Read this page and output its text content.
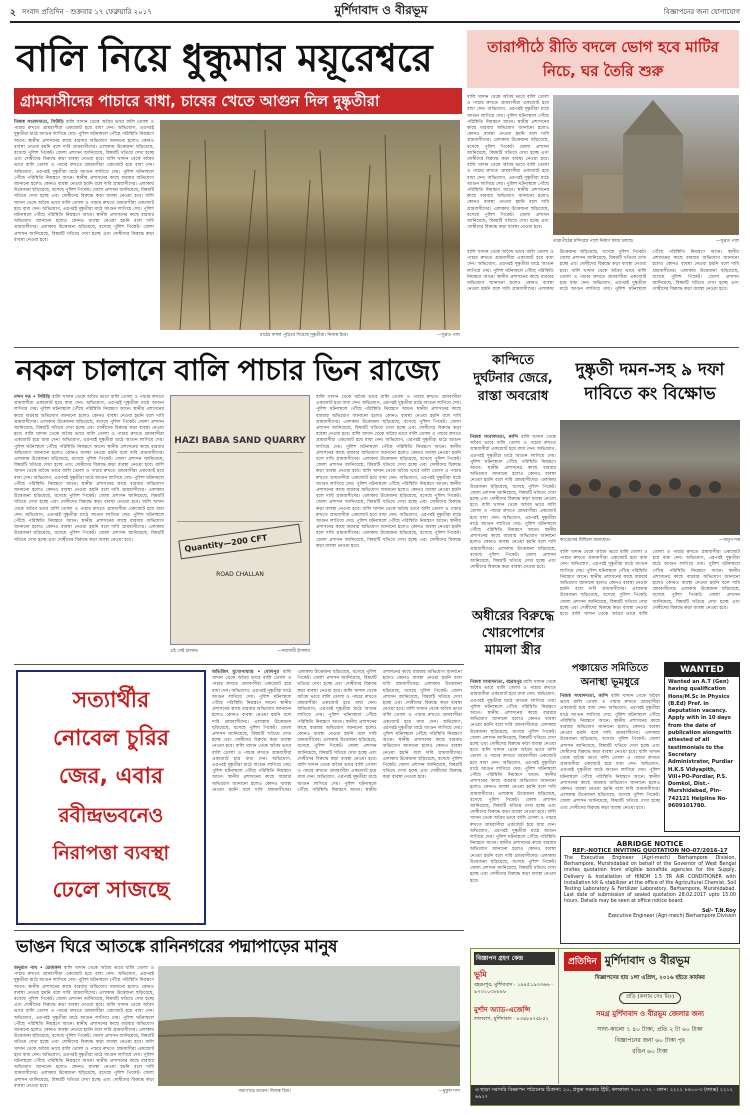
২ সংবাদ প্রতিদিন · শুক্রবার ১৭ ফেব্রুয়ারি ২০১৭	মুর্শিদাবাদ ও বীরভূম	বিজ্ঞাপনের জন্য যোগাযোগ
বালি নিয়ে ধুন্ধুমার ময়ূরেশ্বরে
গ্রামবাসীদের পাচারে বাধা, চাষের খেতে আগুন দিল দুষ্কৃতীরা
নিজস্ব সংবাদদাতা, সিউড়ি বালি খাদান থেকে অবৈধ ভাবে বালি তোলা ও পাচার রুখতে গ্রামবাসীরা একজোট হয়ে বাধা দেন। অভিযোগ, এরপরই দুষ্কৃতীরা মাঠে আগুন লাগিয়ে দেয়। পুলিশ ঘটনাস্থলে পৌঁছে পরিস্থিতি নিয়ন্ত্রণে আনে। স্থানীয় প্রশাসনের কাছে বারবার অভিযোগ জানানো হলেও কোনও ব্যবস্থা নেওয়া হয়নি বলে দাবি গ্রামবাসীদের। এলাকায় উত্তেজনা ছড়িয়েছে, বসেছে পুলিশ পিকেট। জেলা প্রশাসন জানিয়েছে, বিষয়টি খতিয়ে দেখা হচ্ছে এবং দোষীদের বিরুদ্ধে কড়া ব্যবস্থা নেওয়া হবে। বালি খাদান থেকে অবৈধ ভাবে বালি তোলা ও পাচার রুখতে গ্রামবাসীরা একজোট হয়ে বাধা দেন। অভিযোগ, এরপরই দুষ্কৃতীরা মাঠে আগুন লাগিয়ে দেয়। পুলিশ ঘটনাস্থলে পৌঁছে পরিস্থিতি নিয়ন্ত্রণে আনে। স্থানীয় প্রশাসনের কাছে বারবার অভিযোগ জানানো হলেও কোনও ব্যবস্থা নেওয়া হয়নি বলে দাবি গ্রামবাসীদের। এলাকায় উত্তেজনা ছড়িয়েছে, বসেছে পুলিশ পিকেট। জেলা প্রশাসন জানিয়েছে, বিষয়টি খতিয়ে দেখা হচ্ছে এবং দোষীদের বিরুদ্ধে কড়া ব্যবস্থা নেওয়া হবে। বালি খাদান থেকে অবৈধ ভাবে বালি তোলা ও পাচার রুখতে গ্রামবাসীরা একজোট হয়ে বাধা দেন। অভিযোগ, এরপরই দুষ্কৃতীরা মাঠে আগুন লাগিয়ে দেয়। পুলিশ ঘটনাস্থলে পৌঁছে পরিস্থিতি নিয়ন্ত্রণে আনে। স্থানীয় প্রশাসনের কাছে বারবার অভিযোগ জানানো হলেও কোনও ব্যবস্থা নেওয়া হয়নি বলে দাবি গ্রামবাসীদের। এলাকায় উত্তেজনা ছড়িয়েছে, বসেছে পুলিশ পিকেট। জেলা প্রশাসন জানিয়েছে, বিষয়টি খতিয়ে দেখা হচ্ছে এবং দোষীদের বিরুদ্ধে কড়া ব্যবস্থা নেওয়া হবে।
মাঠের ফসল পুড়িয়ে দিয়েছে দুষ্কৃতীরা। নিজস্ব চিত্র।	—সুব্রত পাল
তারাপীঠে রীতি বদলে ভোগ হবে মাটির নিচে, ঘর তৈরি শুরু
বালি খাদান থেকে অবৈধ ভাবে বালি তোলা ও পাচার রুখতে গ্রামবাসীরা একজোট হয়ে বাধা দেন। অভিযোগ, এরপরই দুষ্কৃতীরা মাঠে আগুন লাগিয়ে দেয়। পুলিশ ঘটনাস্থলে পৌঁছে পরিস্থিতি নিয়ন্ত্রণে আনে। স্থানীয় প্রশাসনের কাছে বারবার অভিযোগ জানানো হলেও কোনও ব্যবস্থা নেওয়া হয়নি বলে দাবি গ্রামবাসীদের। এলাকায় উত্তেজনা ছড়িয়েছে, বসেছে পুলিশ পিকেট। জেলা প্রশাসন জানিয়েছে, বিষয়টি খতিয়ে দেখা হচ্ছে এবং দোষীদের বিরুদ্ধে কড়া ব্যবস্থা নেওয়া হবে। বালি খাদান থেকে অবৈধ ভাবে বালি তোলা ও পাচার রুখতে গ্রামবাসীরা একজোট হয়ে বাধা দেন। অভিযোগ, এরপরই দুষ্কৃতীরা মাঠে আগুন লাগিয়ে দেয়। পুলিশ ঘটনাস্থলে পৌঁছে পরিস্থিতি নিয়ন্ত্রণে আনে। স্থানীয় প্রশাসনের কাছে বারবার অভিযোগ জানানো হলেও কোনও ব্যবস্থা নেওয়া হয়নি বলে দাবি গ্রামবাসীদের। এলাকায় উত্তেজনা ছড়িয়েছে, বসেছে পুলিশ পিকেট। জেলা প্রশাসন জানিয়েছে, বিষয়টি খতিয়ে দেখা হচ্ছে এবং দোষীদের বিরুদ্ধে কড়া ব্যবস্থা নেওয়া হবে।
তারাপীঠের মন্দিরের পাশে নির্মাণ কাজ চলছে।	—সুব্রত পাল
বালি খাদান থেকে অবৈধ ভাবে বালি তোলা ও পাচার রুখতে গ্রামবাসীরা একজোট হয়ে বাধা দেন। অভিযোগ, এরপরই দুষ্কৃতীরা মাঠে আগুন লাগিয়ে দেয়। পুলিশ ঘটনাস্থলে পৌঁছে পরিস্থিতি নিয়ন্ত্রণে আনে। স্থানীয় প্রশাসনের কাছে বারবার অভিযোগ জানানো হলেও কোনও ব্যবস্থা নেওয়া হয়নি বলে দাবি গ্রামবাসীদের। এলাকায় উত্তেজনা ছড়িয়েছে, বসেছে পুলিশ পিকেট। জেলা প্রশাসন জানিয়েছে, বিষয়টি খতিয়ে দেখা হচ্ছে এবং দোষীদের বিরুদ্ধে কড়া ব্যবস্থা নেওয়া হবে। বালি খাদান থেকে অবৈধ ভাবে বালি তোলা ও পাচার রুখতে গ্রামবাসীরা একজোট হয়ে বাধা দেন। অভিযোগ, এরপরই দুষ্কৃতীরা মাঠে আগুন লাগিয়ে দেয়। পুলিশ ঘটনাস্থলে পৌঁছে পরিস্থিতি নিয়ন্ত্রণে আনে। স্থানীয় প্রশাসনের কাছে বারবার অভিযোগ জানানো হলেও কোনও ব্যবস্থা নেওয়া হয়নি বলে দাবি গ্রামবাসীদের। এলাকায় উত্তেজনা ছড়িয়েছে, বসেছে পুলিশ পিকেট। জেলা প্রশাসন জানিয়েছে, বিষয়টি খতিয়ে দেখা হচ্ছে এবং দোষীদের বিরুদ্ধে কড়া ব্যবস্থা নেওয়া হবে।
নকল চালানে বালি পাচার ভিন রাজ্যে
নন্দন দত্ত • সিউড়ি বালি খাদান থেকে অবৈধ ভাবে বালি তোলা ও পাচার রুখতে গ্রামবাসীরা একজোট হয়ে বাধা দেন। অভিযোগ, এরপরই দুষ্কৃতীরা মাঠে আগুন লাগিয়ে দেয়। পুলিশ ঘটনাস্থলে পৌঁছে পরিস্থিতি নিয়ন্ত্রণে আনে। স্থানীয় প্রশাসনের কাছে বারবার অভিযোগ জানানো হলেও কোনও ব্যবস্থা নেওয়া হয়নি বলে দাবি গ্রামবাসীদের। এলাকায় উত্তেজনা ছড়িয়েছে, বসেছে পুলিশ পিকেট। জেলা প্রশাসন জানিয়েছে, বিষয়টি খতিয়ে দেখা হচ্ছে এবং দোষীদের বিরুদ্ধে কড়া ব্যবস্থা নেওয়া হবে। বালি খাদান থেকে অবৈধ ভাবে বালি তোলা ও পাচার রুখতে গ্রামবাসীরা একজোট হয়ে বাধা দেন। অভিযোগ, এরপরই দুষ্কৃতীরা মাঠে আগুন লাগিয়ে দেয়। পুলিশ ঘটনাস্থলে পৌঁছে পরিস্থিতি নিয়ন্ত্রণে আনে। স্থানীয় প্রশাসনের কাছে বারবার অভিযোগ জানানো হলেও কোনও ব্যবস্থা নেওয়া হয়নি বলে দাবি গ্রামবাসীদের। এলাকায় উত্তেজনা ছড়িয়েছে, বসেছে পুলিশ পিকেট। জেলা প্রশাসন জানিয়েছে, বিষয়টি খতিয়ে দেখা হচ্ছে এবং দোষীদের বিরুদ্ধে কড়া ব্যবস্থা নেওয়া হবে। বালি খাদান থেকে অবৈধ ভাবে বালি তোলা ও পাচার রুখতে গ্রামবাসীরা একজোট হয়ে বাধা দেন। অভিযোগ, এরপরই দুষ্কৃতীরা মাঠে আগুন লাগিয়ে দেয়। পুলিশ ঘটনাস্থলে পৌঁছে পরিস্থিতি নিয়ন্ত্রণে আনে। স্থানীয় প্রশাসনের কাছে বারবার অভিযোগ জানানো হলেও কোনও ব্যবস্থা নেওয়া হয়নি বলে দাবি গ্রামবাসীদের। এলাকায় উত্তেজনা ছড়িয়েছে, বসেছে পুলিশ পিকেট। জেলা প্রশাসন জানিয়েছে, বিষয়টি খতিয়ে দেখা হচ্ছে এবং দোষীদের বিরুদ্ধে কড়া ব্যবস্থা নেওয়া হবে। বালি খাদান থেকে অবৈধ ভাবে বালি তোলা ও পাচার রুখতে গ্রামবাসীরা একজোট হয়ে বাধা দেন। অভিযোগ, এরপরই দুষ্কৃতীরা মাঠে আগুন লাগিয়ে দেয়। পুলিশ ঘটনাস্থলে পৌঁছে পরিস্থিতি নিয়ন্ত্রণে আনে। স্থানীয় প্রশাসনের কাছে বারবার অভিযোগ জানানো হলেও কোনও ব্যবস্থা নেওয়া হয়নি বলে দাবি গ্রামবাসীদের। এলাকায় উত্তেজনা ছড়িয়েছে, বসেছে পুলিশ পিকেট। জেলা প্রশাসন জানিয়েছে, বিষয়টি খতিয়ে দেখা হচ্ছে এবং দোষীদের বিরুদ্ধে কড়া ব্যবস্থা নেওয়া হবে।
HAZI BABA SAND QUARRY
Quantity—200 CFT
ROAD CHALLAN
এই সেই চালান।	—সব্যসাচী ইসলাম
বালি খাদান থেকে অবৈধ ভাবে বালি তোলা ও পাচার রুখতে গ্রামবাসীরা একজোট হয়ে বাধা দেন। অভিযোগ, এরপরই দুষ্কৃতীরা মাঠে আগুন লাগিয়ে দেয়। পুলিশ ঘটনাস্থলে পৌঁছে পরিস্থিতি নিয়ন্ত্রণে আনে। স্থানীয় প্রশাসনের কাছে বারবার অভিযোগ জানানো হলেও কোনও ব্যবস্থা নেওয়া হয়নি বলে দাবি গ্রামবাসীদের। এলাকায় উত্তেজনা ছড়িয়েছে, বসেছে পুলিশ পিকেট। জেলা প্রশাসন জানিয়েছে, বিষয়টি খতিয়ে দেখা হচ্ছে এবং দোষীদের বিরুদ্ধে কড়া ব্যবস্থা নেওয়া হবে। বালি খাদান থেকে অবৈধ ভাবে বালি তোলা ও পাচার রুখতে গ্রামবাসীরা একজোট হয়ে বাধা দেন। অভিযোগ, এরপরই দুষ্কৃতীরা মাঠে আগুন লাগিয়ে দেয়। পুলিশ ঘটনাস্থলে পৌঁছে পরিস্থিতি নিয়ন্ত্রণে আনে। স্থানীয় প্রশাসনের কাছে বারবার অভিযোগ জানানো হলেও কোনও ব্যবস্থা নেওয়া হয়নি বলে দাবি গ্রামবাসীদের। এলাকায় উত্তেজনা ছড়িয়েছে, বসেছে পুলিশ পিকেট। জেলা প্রশাসন জানিয়েছে, বিষয়টি খতিয়ে দেখা হচ্ছে এবং দোষীদের বিরুদ্ধে কড়া ব্যবস্থা নেওয়া হবে। বালি খাদান থেকে অবৈধ ভাবে বালি তোলা ও পাচার রুখতে গ্রামবাসীরা একজোট হয়ে বাধা দেন। অভিযোগ, এরপরই দুষ্কৃতীরা মাঠে আগুন লাগিয়ে দেয়। পুলিশ ঘটনাস্থলে পৌঁছে পরিস্থিতি নিয়ন্ত্রণে আনে। স্থানীয় প্রশাসনের কাছে বারবার অভিযোগ জানানো হলেও কোনও ব্যবস্থা নেওয়া হয়নি বলে দাবি গ্রামবাসীদের। এলাকায় উত্তেজনা ছড়িয়েছে, বসেছে পুলিশ পিকেট। জেলা প্রশাসন জানিয়েছে, বিষয়টি খতিয়ে দেখা হচ্ছে এবং দোষীদের বিরুদ্ধে কড়া ব্যবস্থা নেওয়া হবে। বালি খাদান থেকে অবৈধ ভাবে বালি তোলা ও পাচার রুখতে গ্রামবাসীরা একজোট হয়ে বাধা দেন। অভিযোগ, এরপরই দুষ্কৃতীরা মাঠে আগুন লাগিয়ে দেয়। পুলিশ ঘটনাস্থলে পৌঁছে পরিস্থিতি নিয়ন্ত্রণে আনে। স্থানীয় প্রশাসনের কাছে বারবার অভিযোগ জানানো হলেও কোনও ব্যবস্থা নেওয়া হয়নি বলে দাবি গ্রামবাসীদের। এলাকায় উত্তেজনা ছড়িয়েছে, বসেছে পুলিশ পিকেট। জেলা প্রশাসন জানিয়েছে, বিষয়টি খতিয়ে দেখা হচ্ছে এবং দোষীদের বিরুদ্ধে কড়া ব্যবস্থা নেওয়া হবে।
কান্দিতে দুর্ঘটনার জেরে, রাস্তা অবরোধ
নিজস্ব সংবাদদাতা, কান্দি বালি খাদান থেকে অবৈধ ভাবে বালি তোলা ও পাচার রুখতে গ্রামবাসীরা একজোট হয়ে বাধা দেন। অভিযোগ, এরপরই দুষ্কৃতীরা মাঠে আগুন লাগিয়ে দেয়। পুলিশ ঘটনাস্থলে পৌঁছে পরিস্থিতি নিয়ন্ত্রণে আনে। স্থানীয় প্রশাসনের কাছে বারবার অভিযোগ জানানো হলেও কোনও ব্যবস্থা নেওয়া হয়নি বলে দাবি গ্রামবাসীদের। এলাকায় উত্তেজনা ছড়িয়েছে, বসেছে পুলিশ পিকেট। জেলা প্রশাসন জানিয়েছে, বিষয়টি খতিয়ে দেখা হচ্ছে এবং দোষীদের বিরুদ্ধে কড়া ব্যবস্থা নেওয়া হবে। বালি খাদান থেকে অবৈধ ভাবে বালি তোলা ও পাচার রুখতে গ্রামবাসীরা একজোট হয়ে বাধা দেন। অভিযোগ, এরপরই দুষ্কৃতীরা মাঠে আগুন লাগিয়ে দেয়। পুলিশ ঘটনাস্থলে পৌঁছে পরিস্থিতি নিয়ন্ত্রণে আনে। স্থানীয় প্রশাসনের কাছে বারবার অভিযোগ জানানো হলেও কোনও ব্যবস্থা নেওয়া হয়নি বলে দাবি গ্রামবাসীদের। এলাকায় উত্তেজনা ছড়িয়েছে, বসেছে পুলিশ পিকেট। জেলা প্রশাসন জানিয়েছে, বিষয়টি খতিয়ে দেখা হচ্ছে এবং দোষীদের বিরুদ্ধে কড়া ব্যবস্থা নেওয়া হবে।
দুষ্কৃতী দমন-সহ ৯ দফা দাবিতে কং বিক্ষোভ
কংগ্রেসের মিছিলে জমায়েত।	—অনুপ দত্ত
বালি খাদান থেকে অবৈধ ভাবে বালি তোলা ও পাচার রুখতে গ্রামবাসীরা একজোট হয়ে বাধা দেন। অভিযোগ, এরপরই দুষ্কৃতীরা মাঠে আগুন লাগিয়ে দেয়। পুলিশ ঘটনাস্থলে পৌঁছে পরিস্থিতি নিয়ন্ত্রণে আনে। স্থানীয় প্রশাসনের কাছে বারবার অভিযোগ জানানো হলেও কোনও ব্যবস্থা নেওয়া হয়নি বলে দাবি গ্রামবাসীদের। এলাকায় উত্তেজনা ছড়িয়েছে, বসেছে পুলিশ পিকেট। জেলা প্রশাসন জানিয়েছে, বিষয়টি খতিয়ে দেখা হচ্ছে এবং দোষীদের বিরুদ্ধে কড়া ব্যবস্থা নেওয়া হবে। বালি খাদান থেকে অবৈধ ভাবে বালি তোলা ও পাচার রুখতে গ্রামবাসীরা একজোট হয়ে বাধা দেন। অভিযোগ, এরপরই দুষ্কৃতীরা মাঠে আগুন লাগিয়ে দেয়। পুলিশ ঘটনাস্থলে পৌঁছে পরিস্থিতি নিয়ন্ত্রণে আনে। স্থানীয় প্রশাসনের কাছে বারবার অভিযোগ জানানো হলেও কোনও ব্যবস্থা নেওয়া হয়নি বলে দাবি গ্রামবাসীদের। এলাকায় উত্তেজনা ছড়িয়েছে, বসেছে পুলিশ পিকেট। জেলা প্রশাসন জানিয়েছে, বিষয়টি খতিয়ে দেখা হচ্ছে এবং দোষীদের বিরুদ্ধে কড়া ব্যবস্থা নেওয়া হবে।
সত্যার্থীর
নোবেল চুরির
জের, এবার
রবীন্দ্রভবনেও
নিরাপত্তা ব্যবস্থা
ঢেলে সাজছে
অভিজিৎ মুখোপাধ্যায় • বোলপুর বালি খাদান থেকে অবৈধ ভাবে বালি তোলা ও পাচার রুখতে গ্রামবাসীরা একজোট হয়ে বাধা দেন। অভিযোগ, এরপরই দুষ্কৃতীরা মাঠে আগুন লাগিয়ে দেয়। পুলিশ ঘটনাস্থলে পৌঁছে পরিস্থিতি নিয়ন্ত্রণে আনে। স্থানীয় প্রশাসনের কাছে বারবার অভিযোগ জানানো হলেও কোনও ব্যবস্থা নেওয়া হয়নি বলে দাবি গ্রামবাসীদের। এলাকায় উত্তেজনা ছড়িয়েছে, বসেছে পুলিশ পিকেট। জেলা প্রশাসন জানিয়েছে, বিষয়টি খতিয়ে দেখা হচ্ছে এবং দোষীদের বিরুদ্ধে কড়া ব্যবস্থা নেওয়া হবে। বালি খাদান থেকে অবৈধ ভাবে বালি তোলা ও পাচার রুখতে গ্রামবাসীরা একজোট হয়ে বাধা দেন। অভিযোগ, এরপরই দুষ্কৃতীরা মাঠে আগুন লাগিয়ে দেয়। পুলিশ ঘটনাস্থলে পৌঁছে পরিস্থিতি নিয়ন্ত্রণে আনে। স্থানীয় প্রশাসনের কাছে বারবার অভিযোগ জানানো হলেও কোনও ব্যবস্থা নেওয়া হয়নি বলে দাবি গ্রামবাসীদের। এলাকায় উত্তেজনা ছড়িয়েছে, বসেছে পুলিশ পিকেট। জেলা প্রশাসন জানিয়েছে, বিষয়টি খতিয়ে দেখা হচ্ছে এবং দোষীদের বিরুদ্ধে কড়া ব্যবস্থা নেওয়া হবে। বালি খাদান থেকে অবৈধ ভাবে বালি তোলা ও পাচার রুখতে গ্রামবাসীরা একজোট হয়ে বাধা দেন। অভিযোগ, এরপরই দুষ্কৃতীরা মাঠে আগুন লাগিয়ে দেয়। পুলিশ ঘটনাস্থলে পৌঁছে পরিস্থিতি নিয়ন্ত্রণে আনে। স্থানীয় প্রশাসনের কাছে বারবার অভিযোগ জানানো হলেও কোনও ব্যবস্থা নেওয়া হয়নি বলে দাবি গ্রামবাসীদের। এলাকায় উত্তেজনা ছড়িয়েছে, বসেছে পুলিশ পিকেট। জেলা প্রশাসন জানিয়েছে, বিষয়টি খতিয়ে দেখা হচ্ছে এবং দোষীদের বিরুদ্ধে কড়া ব্যবস্থা নেওয়া হবে। বালি খাদান থেকে অবৈধ ভাবে বালি তোলা ও পাচার রুখতে গ্রামবাসীরা একজোট হয়ে বাধা দেন। অভিযোগ, এরপরই দুষ্কৃতীরা মাঠে আগুন লাগিয়ে দেয়। পুলিশ ঘটনাস্থলে পৌঁছে পরিস্থিতি নিয়ন্ত্রণে আনে। স্থানীয় প্রশাসনের কাছে বারবার অভিযোগ জানানো হলেও কোনও ব্যবস্থা নেওয়া হয়নি বলে দাবি গ্রামবাসীদের। এলাকায় উত্তেজনা ছড়িয়েছে, বসেছে পুলিশ পিকেট। জেলা প্রশাসন জানিয়েছে, বিষয়টি খতিয়ে দেখা হচ্ছে এবং দোষীদের বিরুদ্ধে কড়া ব্যবস্থা নেওয়া হবে। বালি খাদান থেকে অবৈধ ভাবে বালি তোলা ও পাচার রুখতে গ্রামবাসীরা একজোট হয়ে বাধা দেন। অভিযোগ, এরপরই দুষ্কৃতীরা মাঠে আগুন লাগিয়ে দেয়। পুলিশ ঘটনাস্থলে পৌঁছে পরিস্থিতি নিয়ন্ত্রণে আনে। স্থানীয় প্রশাসনের কাছে বারবার অভিযোগ জানানো হলেও কোনও ব্যবস্থা নেওয়া হয়নি বলে দাবি গ্রামবাসীদের। এলাকায় উত্তেজনা ছড়িয়েছে, বসেছে পুলিশ পিকেট। জেলা প্রশাসন জানিয়েছে, বিষয়টি খতিয়ে দেখা হচ্ছে এবং দোষীদের বিরুদ্ধে কড়া ব্যবস্থা নেওয়া হবে।
অধীরের বিরুদ্ধে খোরপোশের মামলা স্ত্রীর
নিজস্ব সংবাদদাতা, বহরমপুর বালি খাদান থেকে অবৈধ ভাবে বালি তোলা ও পাচার রুখতে গ্রামবাসীরা একজোট হয়ে বাধা দেন। অভিযোগ, এরপরই দুষ্কৃতীরা মাঠে আগুন লাগিয়ে দেয়। পুলিশ ঘটনাস্থলে পৌঁছে পরিস্থিতি নিয়ন্ত্রণে আনে। স্থানীয় প্রশাসনের কাছে বারবার অভিযোগ জানানো হলেও কোনও ব্যবস্থা নেওয়া হয়নি বলে দাবি গ্রামবাসীদের। এলাকায় উত্তেজনা ছড়িয়েছে, বসেছে পুলিশ পিকেট। জেলা প্রশাসন জানিয়েছে, বিষয়টি খতিয়ে দেখা হচ্ছে এবং দোষীদের বিরুদ্ধে কড়া ব্যবস্থা নেওয়া হবে। বালি খাদান থেকে অবৈধ ভাবে বালি তোলা ও পাচার রুখতে গ্রামবাসীরা একজোট হয়ে বাধা দেন। অভিযোগ, এরপরই দুষ্কৃতীরা মাঠে আগুন লাগিয়ে দেয়। পুলিশ ঘটনাস্থলে পৌঁছে পরিস্থিতি নিয়ন্ত্রণে আনে। স্থানীয় প্রশাসনের কাছে বারবার অভিযোগ জানানো হলেও কোনও ব্যবস্থা নেওয়া হয়নি বলে দাবি গ্রামবাসীদের। এলাকায় উত্তেজনা ছড়িয়েছে, বসেছে পুলিশ পিকেট। জেলা প্রশাসন জানিয়েছে, বিষয়টি খতিয়ে দেখা হচ্ছে এবং দোষীদের বিরুদ্ধে কড়া ব্যবস্থা নেওয়া হবে। বালি খাদান থেকে অবৈধ ভাবে বালি তোলা ও পাচার রুখতে গ্রামবাসীরা একজোট হয়ে বাধা দেন। অভিযোগ, এরপরই দুষ্কৃতীরা মাঠে আগুন লাগিয়ে দেয়। পুলিশ ঘটনাস্থলে পৌঁছে পরিস্থিতি নিয়ন্ত্রণে আনে। স্থানীয় প্রশাসনের কাছে বারবার অভিযোগ জানানো হলেও কোনও ব্যবস্থা নেওয়া হয়নি বলে দাবি গ্রামবাসীদের। এলাকায় উত্তেজনা ছড়িয়েছে, বসেছে পুলিশ পিকেট। জেলা প্রশাসন জানিয়েছে, বিষয়টি খতিয়ে দেখা হচ্ছে এবং দোষীদের বিরুদ্ধে কড়া ব্যবস্থা নেওয়া হবে।
পঞ্চায়েত সমিতিতে অনাস্থা ভূমধুরে
নিজস্ব সংবাদদাতা, কান্দি বালি খাদান থেকে অবৈধ ভাবে বালি তোলা ও পাচার রুখতে গ্রামবাসীরা একজোট হয়ে বাধা দেন। অভিযোগ, এরপরই দুষ্কৃতীরা মাঠে আগুন লাগিয়ে দেয়। পুলিশ ঘটনাস্থলে পৌঁছে পরিস্থিতি নিয়ন্ত্রণে আনে। স্থানীয় প্রশাসনের কাছে বারবার অভিযোগ জানানো হলেও কোনও ব্যবস্থা নেওয়া হয়নি বলে দাবি গ্রামবাসীদের। এলাকায় উত্তেজনা ছড়িয়েছে, বসেছে পুলিশ পিকেট। জেলা প্রশাসন জানিয়েছে, বিষয়টি খতিয়ে দেখা হচ্ছে এবং দোষীদের বিরুদ্ধে কড়া ব্যবস্থা নেওয়া হবে। বালি খাদান থেকে অবৈধ ভাবে বালি তোলা ও পাচার রুখতে গ্রামবাসীরা একজোট হয়ে বাধা দেন। অভিযোগ, এরপরই দুষ্কৃতীরা মাঠে আগুন লাগিয়ে দেয়। পুলিশ ঘটনাস্থলে পৌঁছে পরিস্থিতি নিয়ন্ত্রণে আনে। স্থানীয় প্রশাসনের কাছে বারবার অভিযোগ জানানো হলেও কোনও ব্যবস্থা নেওয়া হয়নি বলে দাবি গ্রামবাসীদের। এলাকায় উত্তেজনা ছড়িয়েছে, বসেছে পুলিশ পিকেট। জেলা প্রশাসন জানিয়েছে, বিষয়টি খতিয়ে দেখা হচ্ছে এবং দোষীদের বিরুদ্ধে কড়া ব্যবস্থা নেওয়া হবে।
WANTED
Wanted an A.T (Gen) having qualification Hons/M.Sc in Physics (B.Ed) Pref. in deputation vacancy. Apply with in 10 days from the date of publication alongwith attested of all testimonials to the Secretary Administrator, Purdiar H.K.S Vidyapith, Vill+PO-Pordiar, P.S. Domkol, Dist.- Murshidabad, Pin-742121 Helpline No-9609101780.
ABRIDGE NOTICE
REF:-NOTICE INVITING QUOTATION NO-07/2016-17
The Executive Engineer (Agri-mech) Berhampore Division, Berhampore, Murshidabad on behalf of the Governor of West Bengal invites quotation from eligible bonafide agencies for the Supply, Delivery & Installation of HINDH 1.5 TR AIR CONDITIONER with installation kit & stabilizer at the office of the Agricultural Chemist, Soil Testing Laboratory & Fertilizer Laboratory, Berhampore, Murshidabad. Last date of submission of sealed quotation 28.02.2017 upto 15.00 hours. Details may be seen at office notice board.
Sd/- T.N.Roy
Executive Engineer (Agri-mech) Berhampore Division
ভাঙন ঘিরে আতঙ্কে রানিনগরের পদ্মাপাড়ের মানুষ
অনুরাগ নাথ • ডোমকল বালি খাদান থেকে অবৈধ ভাবে বালি তোলা ও পাচার রুখতে গ্রামবাসীরা একজোট হয়ে বাধা দেন। অভিযোগ, এরপরই দুষ্কৃতীরা মাঠে আগুন লাগিয়ে দেয়। পুলিশ ঘটনাস্থলে পৌঁছে পরিস্থিতি নিয়ন্ত্রণে আনে। স্থানীয় প্রশাসনের কাছে বারবার অভিযোগ জানানো হলেও কোনও ব্যবস্থা নেওয়া হয়নি বলে দাবি গ্রামবাসীদের। এলাকায় উত্তেজনা ছড়িয়েছে, বসেছে পুলিশ পিকেট। জেলা প্রশাসন জানিয়েছে, বিষয়টি খতিয়ে দেখা হচ্ছে এবং দোষীদের বিরুদ্ধে কড়া ব্যবস্থা নেওয়া হবে। বালি খাদান থেকে অবৈধ ভাবে বালি তোলা ও পাচার রুখতে গ্রামবাসীরা একজোট হয়ে বাধা দেন। অভিযোগ, এরপরই দুষ্কৃতীরা মাঠে আগুন লাগিয়ে দেয়। পুলিশ ঘটনাস্থলে পৌঁছে পরিস্থিতি নিয়ন্ত্রণে আনে। স্থানীয় প্রশাসনের কাছে বারবার অভিযোগ জানানো হলেও কোনও ব্যবস্থা নেওয়া হয়নি বলে দাবি গ্রামবাসীদের। এলাকায় উত্তেজনা ছড়িয়েছে, বসেছে পুলিশ পিকেট। জেলা প্রশাসন জানিয়েছে, বিষয়টি খতিয়ে দেখা হচ্ছে এবং দোষীদের বিরুদ্ধে কড়া ব্যবস্থা নেওয়া হবে। বালি খাদান থেকে অবৈধ ভাবে বালি তোলা ও পাচার রুখতে গ্রামবাসীরা একজোট হয়ে বাধা দেন। অভিযোগ, এরপরই দুষ্কৃতীরা মাঠে আগুন লাগিয়ে দেয়। পুলিশ ঘটনাস্থলে পৌঁছে পরিস্থিতি নিয়ন্ত্রণে আনে। স্থানীয় প্রশাসনের কাছে বারবার অভিযোগ জানানো হলেও কোনও ব্যবস্থা নেওয়া হয়নি বলে দাবি গ্রামবাসীদের। এলাকায় উত্তেজনা ছড়িয়েছে, বসেছে পুলিশ পিকেট। জেলা প্রশাসন জানিয়েছে, বিষয়টি খতিয়ে দেখা হচ্ছে এবং দোষীদের বিরুদ্ধে কড়া ব্যবস্থা নেওয়া হবে।
পদ্মাপাড়ে ভাঙন। নিজস্ব চিত্র।	—মুকুল দাস
বিজ্ঞাপন গ্রহণ কেন্দ্র
ভূমি
বহরমপুর, মুর্শিদাবাদ · ১৯৪৫১৯৩৩৬৬ · ৯৭৩২০৩৮৮৮৮
মুৰ্শাদ অ্যাড-এজেন্সি
লালবাগ, মুর্শিদাবাদ · ৮৩৪৮৯৭৫৮৫২
প্রতিদিন মুর্শিদাবাদ ও বীরভূম
বিজ্ঞাপনের হার ১লা এপ্রিল, ২০১৬ হইতে কার্যকর
প্রতি (কলাম সেঃ মিঃ)
সমগ্র মুর্শিদাবাদ ও বীরভূম জেলার জন্য
সাদা-কালো ১ ৪০ টাকা, প্রতি ২ টা ৬০ টাকা
বিজ্ঞাপনের জন্য ৬০ টাকা পৃঃ
রঙিন ৬০ টাকা
এ ছাড়া সরাসরি বিজ্ঞাপন পাঠানোর ঠিকানা: ২০, প্রফুল্ল সরকার স্ট্রিট, কলকাতা ৭০০ ০৭২ · ফোন: ২২১২ ৮৪০০-৩ (ফ্যাক্স) ২২১২ ৬৯২৭
